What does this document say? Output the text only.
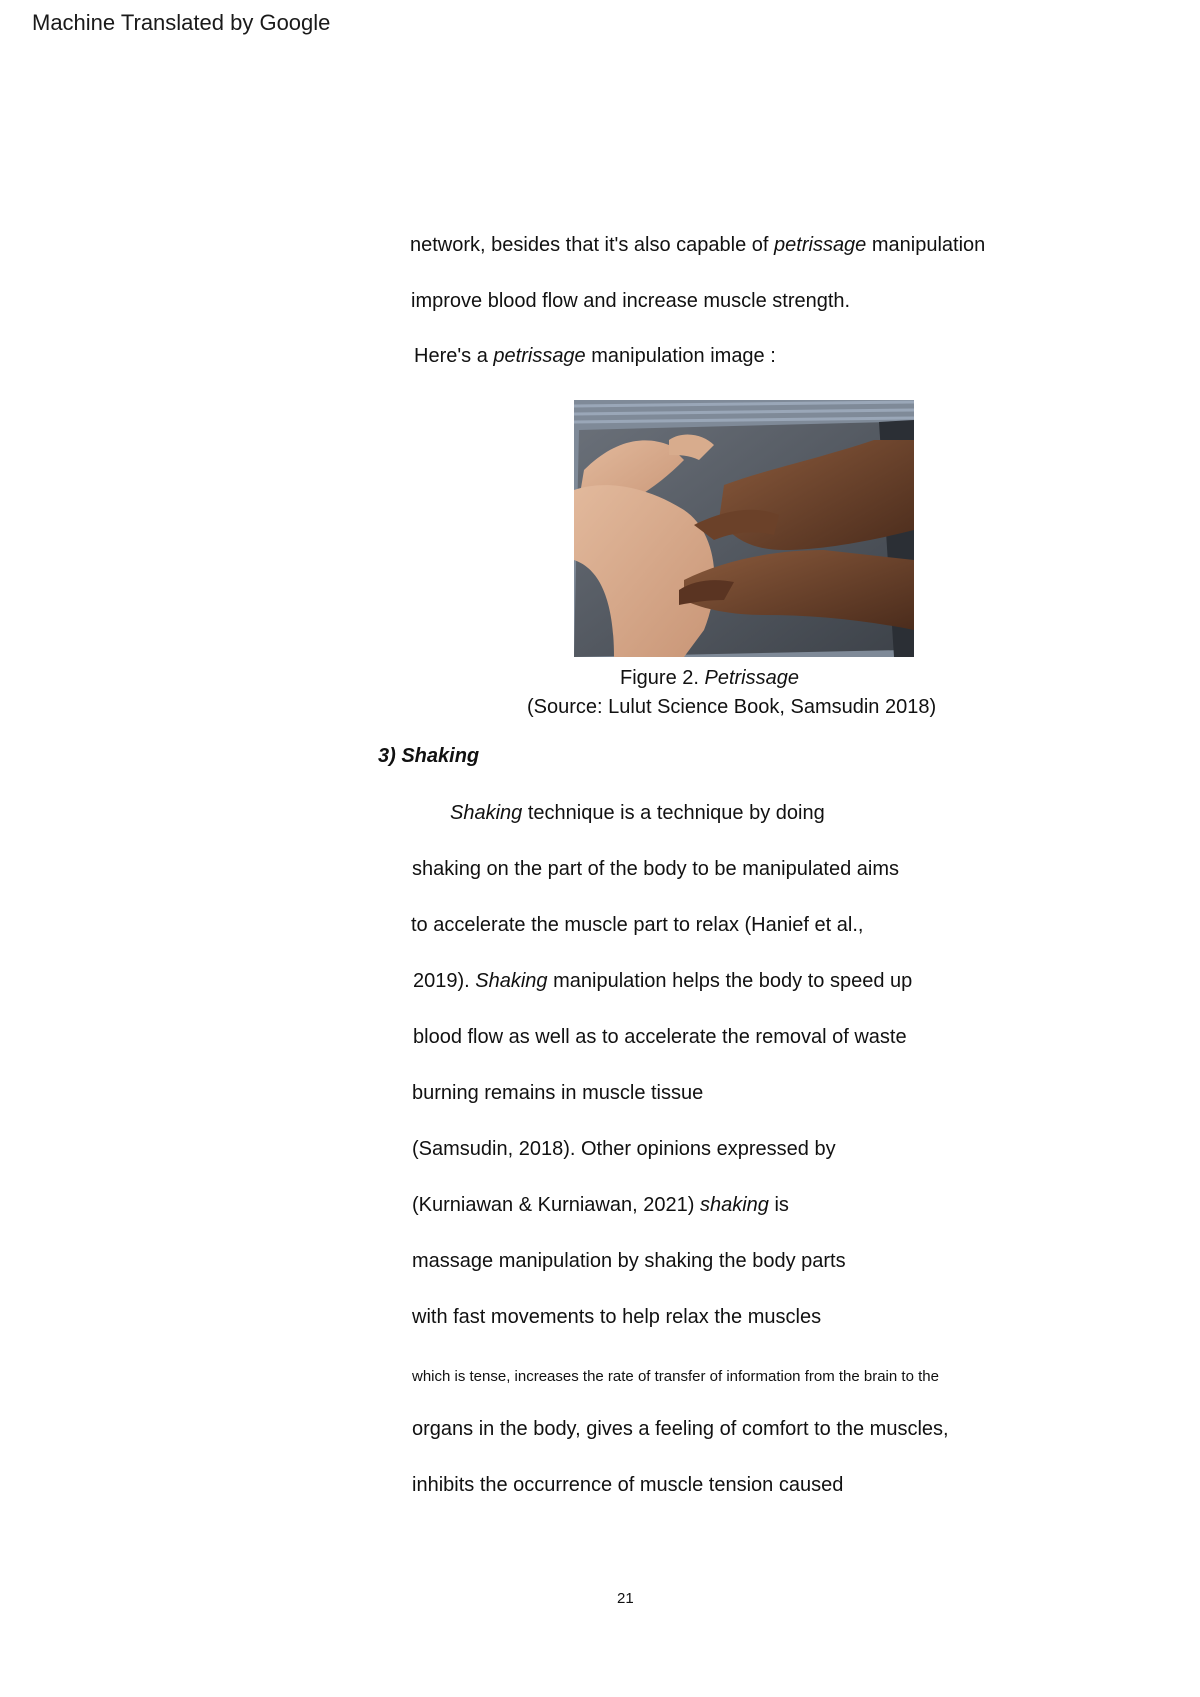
Machine Translated by Google
network, besides that it's also capable of petrissage manipulation
improve blood flow and increase muscle strength.
Here's a petrissage manipulation image :
Figure 2. Petrissage
(Source: Lulut Science Book, Samsudin 2018)
3) Shaking
Shaking technique is a technique by doing
shaking on the part of the body to be manipulated aims
to accelerate the muscle part to relax (Hanief et al.,
2019). Shaking manipulation helps the body to speed up
blood flow as well as to accelerate the removal of waste
burning remains in muscle tissue
(Samsudin, 2018). Other opinions expressed by
(Kurniawan & Kurniawan, 2021) shaking is
massage manipulation by shaking the body parts
with fast movements to help relax the muscles
which is tense, increases the rate of transfer of information from the brain to the
organs in the body, gives a feeling of comfort to the muscles,
inhibits the occurrence of muscle tension caused
21
